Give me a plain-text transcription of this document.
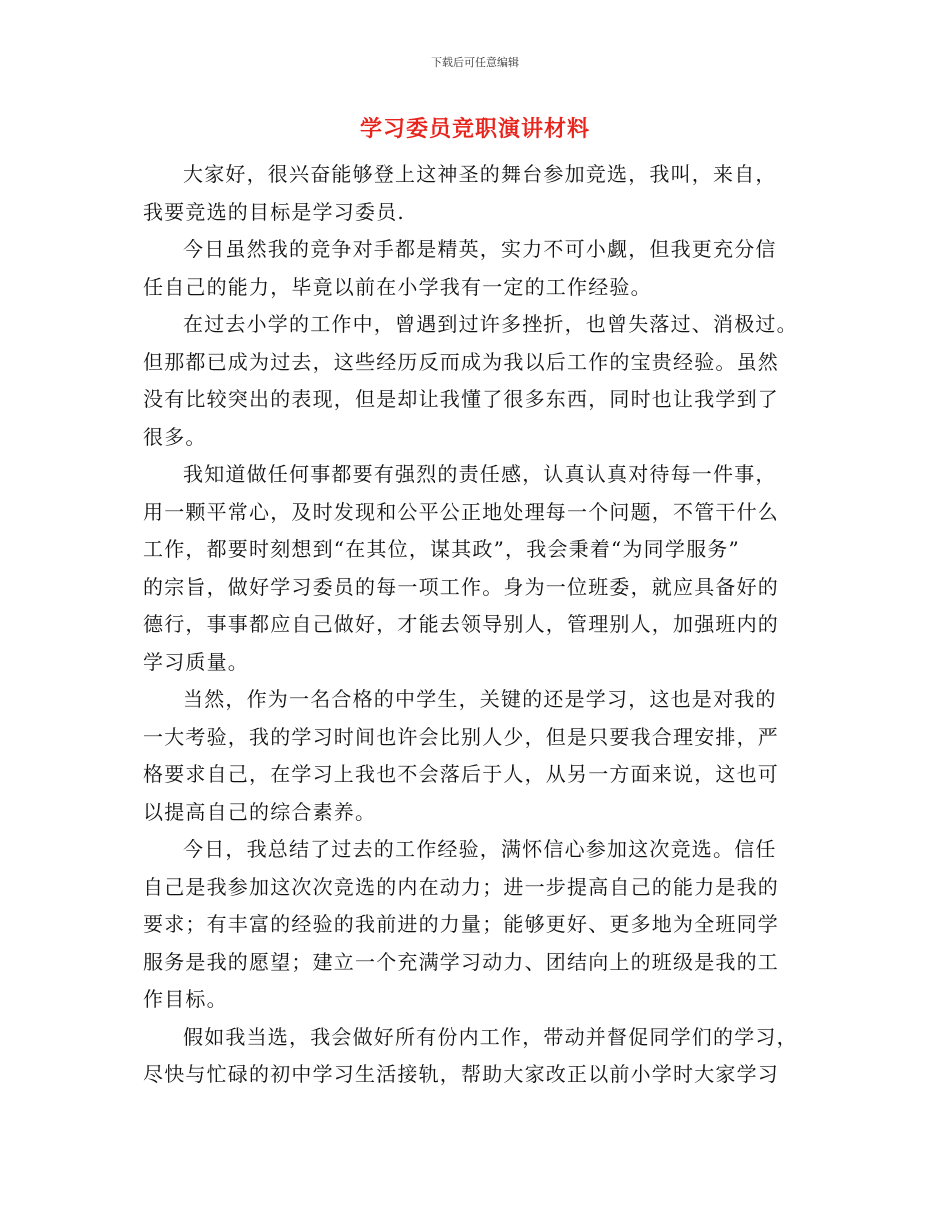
下载后可任意编辑
学习委员竞职演讲材料

大家好，很兴奋能够登上这神圣的舞台参加竞选，我叫，来自，
我要竞选的目标是学习委员.

今日虽然我的竞争对手都是精英，实力不可小觑，但我更充分信
任自己的能力，毕竟以前在小学我有一定的工作经验。

在过去小学的工作中，曾遇到过许多挫折，也曾失落过、消极过。
但那都已成为过去，这些经历反而成为我以后工作的宝贵经验。虽然
没有比较突出的表现，但是却让我懂了很多东西，同时也让我学到了
很多。

我知道做任何事都要有强烈的责任感，认真认真对待每一件事，
用一颗平常心，及时发现和公平公正地处理每一个问题，不管干什么
工作，都要时刻想到“在其位，谋其政”，我会秉着“为同学服务”
的宗旨，做好学习委员的每一项工作。身为一位班委，就应具备好的
德行，事事都应自己做好，才能去领导别人，管理别人，加强班内的
学习质量。

当然，作为一名合格的中学生，关键的还是学习，这也是对我的
一大考验，我的学习时间也许会比别人少，但是只要我合理安排，严
格要求自己，在学习上我也不会落后于人，从另一方面来说，这也可
以提高自己的综合素养。

今日，我总结了过去的工作经验，满怀信心参加这次竞选。信任
自己是我参加这次次竞选的内在动力；进一步提高自己的能力是我的
要求；有丰富的经验的我前进的力量；能够更好、更多地为全班同学
服务是我的愿望；建立一个充满学习动力、团结向上的班级是我的工
作目标。

假如我当选，我会做好所有份内工作，带动并督促同学们的学习，
尽快与忙碌的初中学习生活接轨，帮助大家改正以前小学时大家学习
